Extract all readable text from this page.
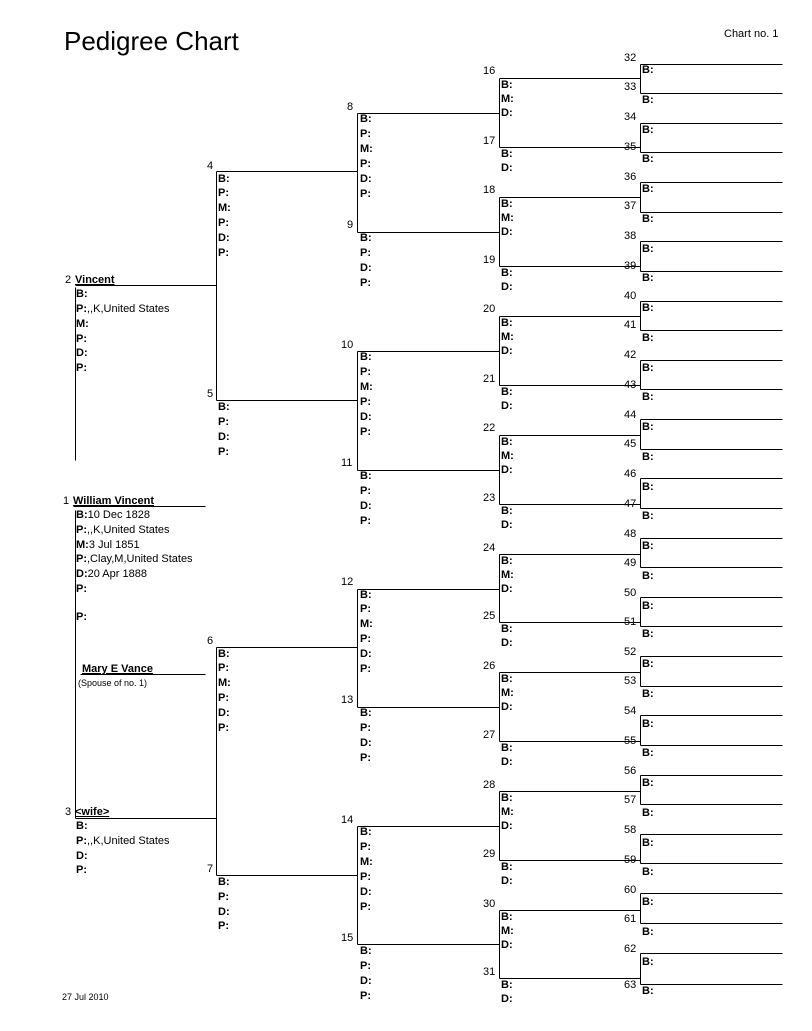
Pedigree Chart	Chart no. 1
27 Jul 2010
1 William Vincent
B:10 Dec 1828
P:,,K,United States
M:3 Jul 1851
P:,Clay,M,United States
D:20 Apr 1888
P:
P:
Mary E Vance
(Spouse of no. 1)
2 Vincent
B:
P:,,K,United States
M:
P:
D:
P:
3 <wife>
B:
P:,,K,United States
D:
P:
4
B:
P:
M:
P:
D:
P:
5
B:
P:
D:
P:
6
B:
P:
M:
P:
D:
P:
7
B:
P:
D:
P:
8
B:
P:
M:
P:
D:
P:
9
B:
P:
D:
P:
10
B:
P:
M:
P:
D:
P:
11
B:
P:
D:
P:
12
B:
P:
M:
P:
D:
P:
13
B:
P:
D:
P:
14
B:
P:
M:
P:
D:
P:
15
B:
P:
D:
P:
16
B:
M:
D:
17
B:
D:
18
B:
M:
D:
19
B:
D:
20
B:
M:
D:
21
B:
D:
22
B:
M:
D:
23
B:
D:
24
B:
M:
D:
25
B:
D:
26
B:
M:
D:
27
B:
D:
28
B:
M:
D:
29
B:
D:
30
B:
M:
D:
31
B:
D:
32
B:
33
B:
34
B:
35
B:
36
B:
37
B:
38
B:
39
B:
40
B:
41
B:
42
B:
43
B:
44
B:
45
B:
46
B:
47
B:
48
B:
49
B:
50
B:
51
B:
52
B:
53
B:
54
B:
55
B:
56
B:
57
B:
58
B:
59
B:
60
B:
61
B:
62
B:
63 B:
